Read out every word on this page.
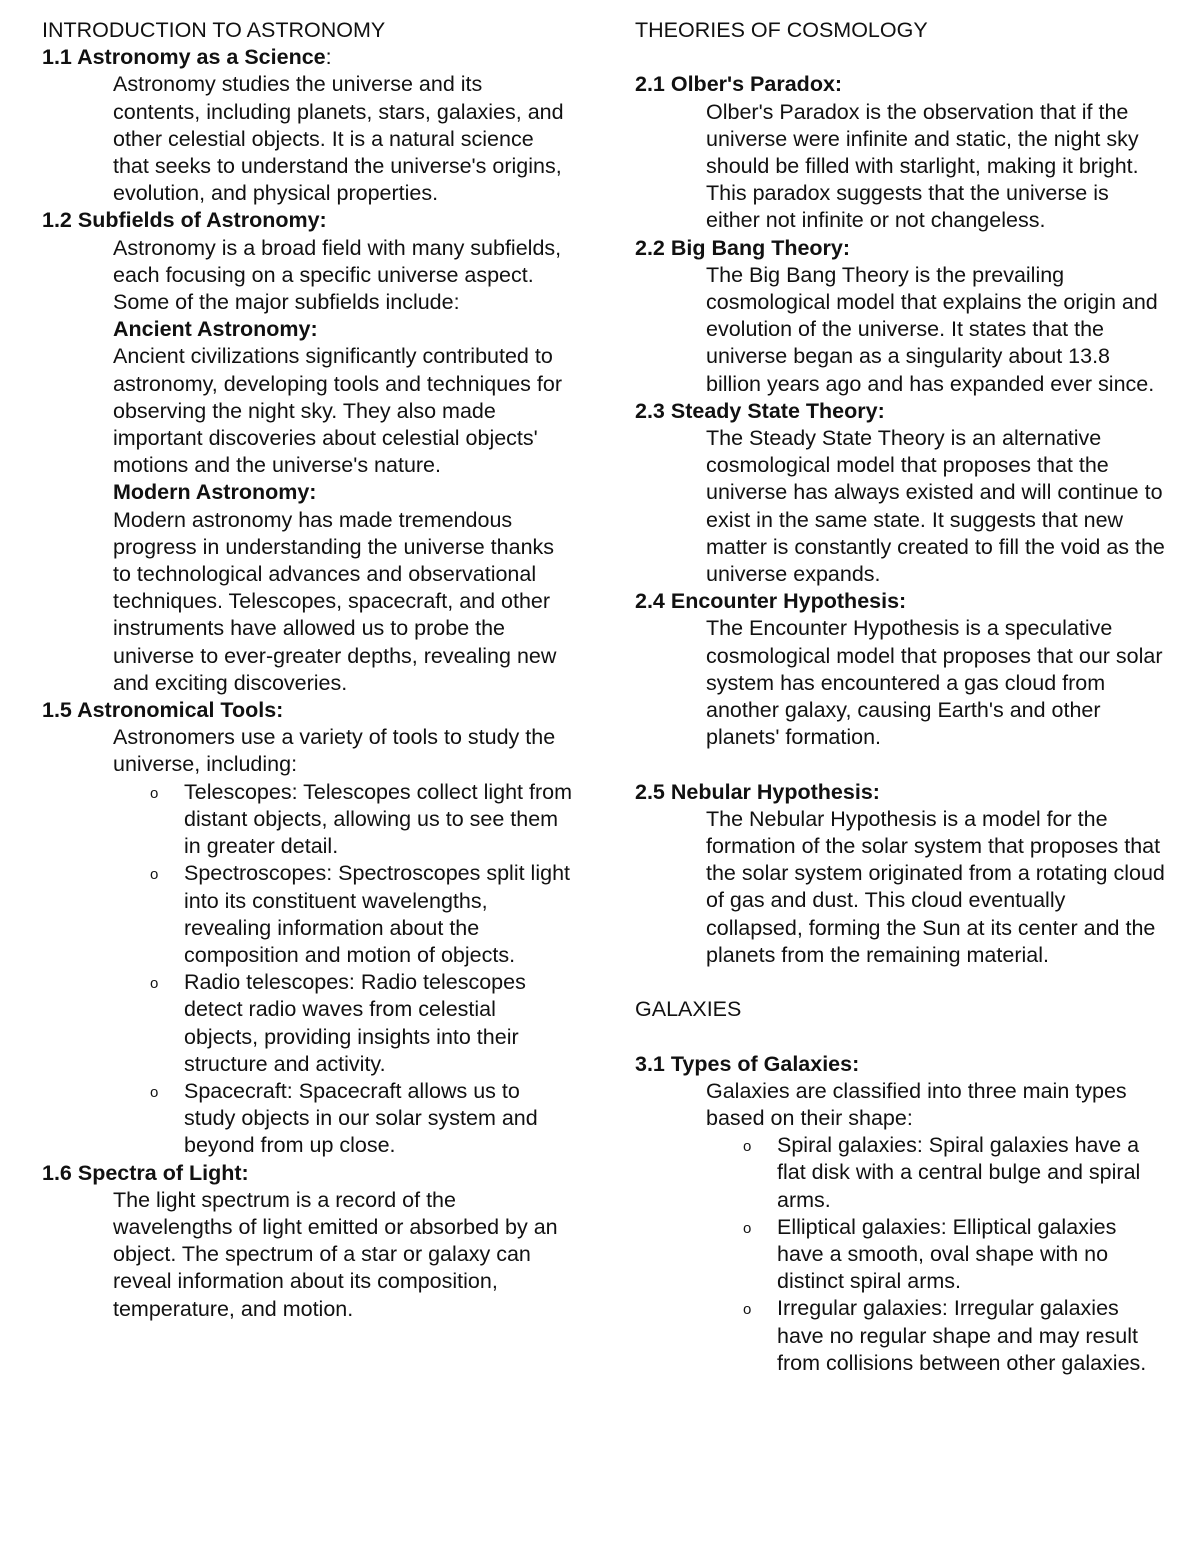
INTRODUCTION TO ASTRONOMY

1.1 Astronomy as a Science:

Astronomy studies the universe and its contents, including planets, stars, galaxies, and other celestial objects. It is a natural science that seeks to understand the universe's origins, evolution, and physical properties.

1.2 Subfields of Astronomy:

Astronomy is a broad field with many subfields, each focusing on a specific universe aspect. Some of the major subfields include:

Ancient Astronomy:

Ancient civilizations significantly contributed to astronomy, developing tools and techniques for observing the night sky. They also made important discoveries about celestial objects' motions and the universe's nature.

Modern Astronomy:

Modern astronomy has made tremendous progress in understanding the universe thanks to technological advances and observational techniques. Telescopes, spacecraft, and other instruments have allowed us to probe the universe to ever-greater depths, revealing new and exciting discoveries.

1.5 Astronomical Tools:

Astronomers use a variety of tools to study the universe, including:

o Telescopes: Telescopes collect light from distant objects, allowing us to see them in greater detail.
o Spectroscopes: Spectroscopes split light into its constituent wavelengths, revealing information about the composition and motion of objects.
o Radio telescopes: Radio telescopes detect radio waves from celestial objects, providing insights into their structure and activity.
o Spacecraft: Spacecraft allows us to study objects in our solar system and beyond from up close.

1.6 Spectra of Light:

The light spectrum is a record of the wavelengths of light emitted or absorbed by an object. The spectrum of a star or galaxy can reveal information about its composition, temperature, and motion.

THEORIES OF COSMOLOGY

2.1 Olber's Paradox:

Olber's Paradox is the observation that if the universe were infinite and static, the night sky should be filled with starlight, making it bright. This paradox suggests that the universe is either not infinite or not changeless.

2.2 Big Bang Theory:

The Big Bang Theory is the prevailing cosmological model that explains the origin and evolution of the universe. It states that the universe began as a singularity about 13.8 billion years ago and has expanded ever since.

2.3 Steady State Theory:

The Steady State Theory is an alternative cosmological model that proposes that the universe has always existed and will continue to exist in the same state. It suggests that new matter is constantly created to fill the void as the universe expands.

2.4 Encounter Hypothesis:

The Encounter Hypothesis is a speculative cosmological model that proposes that our solar system has encountered a gas cloud from another galaxy, causing Earth's and other planets' formation.

2.5 Nebular Hypothesis:

The Nebular Hypothesis is a model for the formation of the solar system that proposes that the solar system originated from a rotating cloud of gas and dust. This cloud eventually collapsed, forming the Sun at its center and the planets from the remaining material.

GALAXIES

3.1 Types of Galaxies:

Galaxies are classified into three main types based on their shape:

o Spiral galaxies: Spiral galaxies have a flat disk with a central bulge and spiral arms.
o Elliptical galaxies: Elliptical galaxies have a smooth, oval shape with no distinct spiral arms.
o Irregular galaxies: Irregular galaxies have no regular shape and may result from collisions between other galaxies.
